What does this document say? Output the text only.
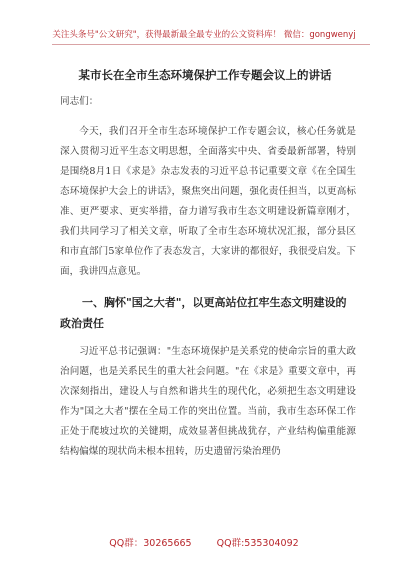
关注头条号"公文研究"，获得最新最全最专业的公文资料库！ 微信：gongwenyj
某市长在全市生态环境保护工作专题会议上的讲话

同志们：

今天，我们召开全市生态环境保护工作专题会议，核心任务就是深入贯彻习近平生态文明思想，全面落实中央、省委最新部署，特别是围绕8月1日《求是》杂志发表的习近平总书记重要文章《在全国生态环境保护大会上的讲话》，聚焦突出问题，强化责任担当，以更高标准、更严要求、更实举措，奋力谱写我市生态文明建设新篇章刚才，我们共同学习了相关文章，听取了全市生态环境状况汇报，部分县区和市直部门5家单位作了表态发言，大家讲的都很好，我很受启发。下面，我讲四点意见。

一、胸怀"国之大者"，以更高站位扛牢生态文明建设的政治责任

习近平总书记强调："生态环境保护是关系党的使命宗旨的重大政治问题，也是关系民生的重大社会问题。"在《求是》重要文章中，再次深刻指出，建设人与自然和谐共生的现代化，必须把生态文明建设作为"国之大者"摆在全局工作的突出位置。当前，我市生态环保工作正处于爬坡过坎的关键期，成效显著但挑战犹存，产业结构偏重能源结构偏煤的现状尚未根本扭转，历史遗留污染治理仍

QQ群：30265665	QQ群:535304092
